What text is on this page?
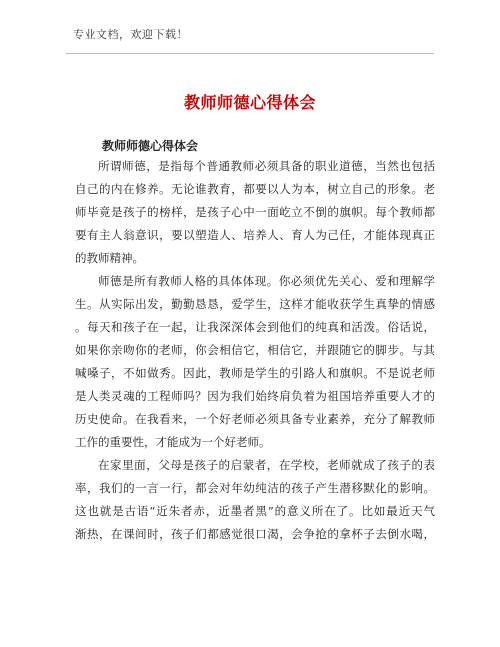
专业文档，欢迎下载！
教师师德心得体会
教师师德心得体会
所谓师德，是指每个普通教师必须具备的职业道德，当然也包括
自己的内在修养。无论谁教育，都要以人为本，树立自己的形象。老
师毕竟是孩子的榜样，是孩子心中一面屹立不倒的旗帜。每个教师都
要有主人翁意识，要以塑造人、培养人、育人为己任，才能体现真正
的教师精神。
师德是所有教师人格的具体体现。你必须优先关心、爱和理解学
生。从实际出发，勤勤恳恳，爱学生，这样才能收获学生真挚的情感
。每天和孩子在一起，让我深深体会到他们的纯真和活泼。俗话说，
如果你亲吻你的老师，你会相信它，相信它，并跟随它的脚步。与其
喊嗓子，不如做秀。因此，教师是学生的引路人和旗帜。不是说老师
是人类灵魂的工程师吗？因为我们始终肩负着为祖国培养重要人才的
历史使命。在我看来，一个好老师必须具备专业素养，充分了解教师
工作的重要性，才能成为一个好老师。
在家里面，父母是孩子的启蒙者，在学校，老师就成了孩子的表
率，我们的一言一行，都会对年幼纯洁的孩子产生潜移默化的影响。
这也就是古语“近朱者赤，近墨者黑”的意义所在了。比如最近天气
渐热，在课间时，孩子们都感觉很口渴，会争抢的拿杯子去倒水喝，
